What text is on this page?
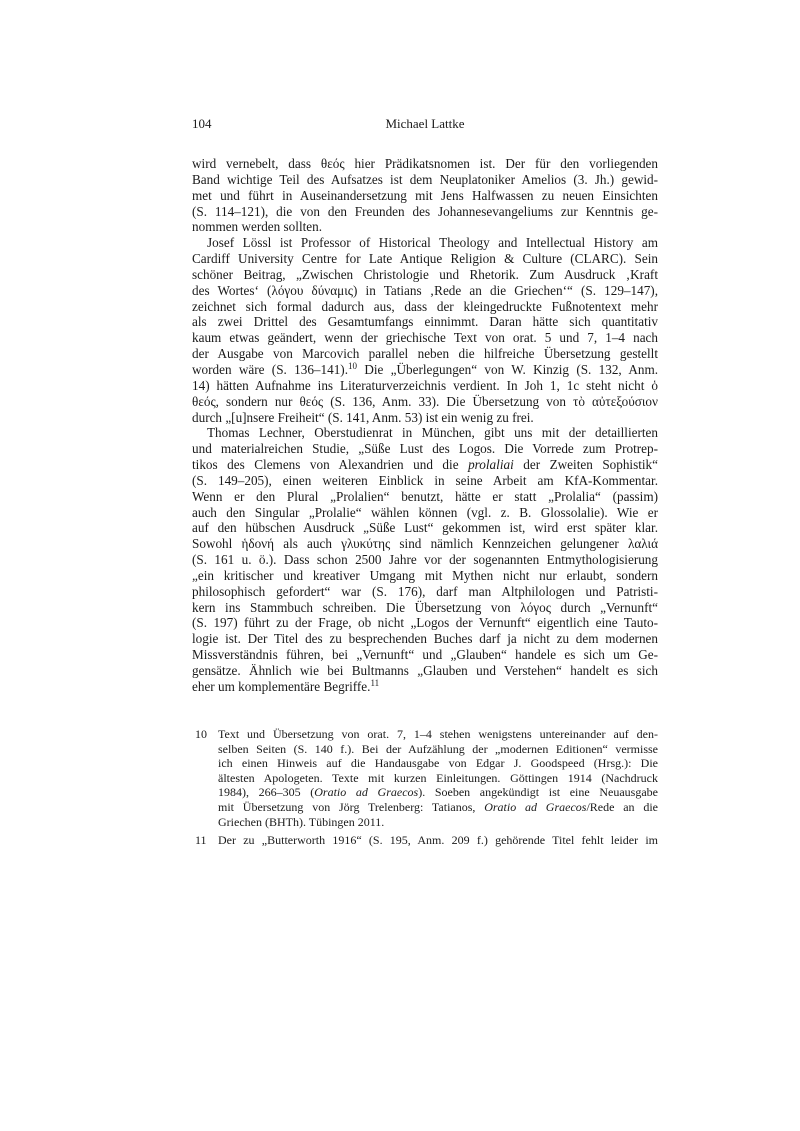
104	Michael Lattke
wird vernebelt, dass θεός hier Prädikatsnomen ist. Der für den vorliegenden
Band wichtige Teil des Aufsatzes ist dem Neuplatoniker Amelios (3. Jh.) gewid-
met und führt in Auseinandersetzung mit Jens Halfwassen zu neuen Einsichten
(S. 114–121), die von den Freunden des Johannesevangeliums zur Kenntnis ge-
nommen werden sollten.
Josef Lössl ist Professor of Historical Theology and Intellectual History am
Cardiff University Centre for Late Antique Religion & Culture (CLARC). Sein
schöner Beitrag, „Zwischen Christologie und Rhetorik. Zum Ausdruck ‚Kraft
des Wortes‘ (λόγου δύναμις) in Tatians ‚Rede an die Griechen‘“ (S. 129–147),
zeichnet sich formal dadurch aus, dass der kleingedruckte Fußnotentext mehr
als zwei Drittel des Gesamtumfangs einnimmt. Daran hätte sich quantitativ
kaum etwas geändert, wenn der griechische Text von orat. 5 und 7, 1–4 nach
der Ausgabe von Marcovich parallel neben die hilfreiche Übersetzung gestellt
worden wäre (S. 136–141).$^{10}$ Die „Überlegungen“ von W. Kinzig (S. 132, Anm.
14) hätten Aufnahme ins Literaturverzeichnis verdient. In Joh 1, 1c steht nicht ὁ
θεός, sondern nur θεός (S. 136, Anm. 33). Die Übersetzung von τὸ αὐτεξούσιον
durch „[u]nsere Freiheit“ (S. 141, Anm. 53) ist ein wenig zu frei.
Thomas Lechner, Oberstudienrat in München, gibt uns mit der detaillierten
und materialreichen Studie, „Süße Lust des Logos. Die Vorrede zum Protrep-
tikos des Clemens von Alexandrien und die prolaliai der Zweiten Sophistik“
(S. 149–205), einen weiteren Einblick in seine Arbeit am KfA-Kommentar.
Wenn er den Plural „Prolalien“ benutzt, hätte er statt „Prolalia“ (passim)
auch den Singular „Prolalie“ wählen können (vgl. z. B. Glossolalie). Wie er
auf den hübschen Ausdruck „Süße Lust“ gekommen ist, wird erst später klar.
Sowohl ἡδονή als auch γλυκύτης sind nämlich Kennzeichen gelungener λαλιά
(S. 161 u. ö.). Dass schon 2500 Jahre vor der sogenannten Entmythologisierung
„ein kritischer und kreativer Umgang mit Mythen nicht nur erlaubt, sondern
philosophisch gefordert“ war (S. 176), darf man Altphilologen und Patristi-
kern ins Stammbuch schreiben. Die Übersetzung von λόγος durch „Vernunft“
(S. 197) führt zu der Frage, ob nicht „Logos der Vernunft“ eigentlich eine Tauto-
logie ist. Der Titel des zu besprechenden Buches darf ja nicht zu dem modernen
Missverständnis führen, bei „Vernunft“ und „Glauben“ handele es sich um Ge-
gensätze. Ähnlich wie bei Bultmanns „Glauben und Verstehen“ handelt es sich
eher um komplementäre Begriffe.$^{11}$
10 Text und Übersetzung von orat. 7, 1–4 stehen wenigstens untereinander auf den-
selben Seiten (S. 140 f.). Bei der Aufzählung der „modernen Editionen“ vermisse
ich einen Hinweis auf die Handausgabe von Edgar J. Goodspeed (Hrsg.): Die
ältesten Apologeten. Texte mit kurzen Einleitungen. Göttingen 1914 (Nachdruck
1984), 266–305 (Oratio ad Graecos). Soeben angekündigt ist eine Neuausgabe
mit Übersetzung von Jörg Trelenberg: Tatianos, Oratio ad Graecos/Rede an die
Griechen (BHTh). Tübingen 2011.
11 Der zu „Butterworth 1916“ (S. 195, Anm. 209 f.) gehörende Titel fehlt leider im
